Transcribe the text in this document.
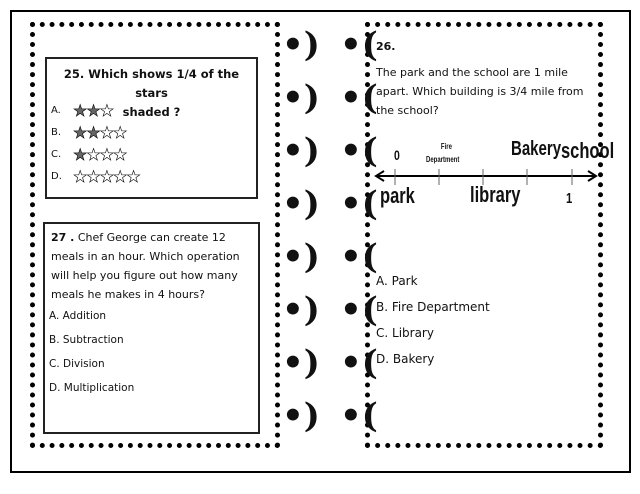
•)
•)
•)
•)
•)
•)
•)
•)
•(
•(
•(
•(
•(
•(
•(
•(
25. Which shows 1/4 of the stars
shaded ?
A. ★★★
B. ★★★★
C. ★★★★
D. ★★★★★
27 . Chef George can create 12 meals in an hour. Which operation will help you figure out how many meals he makes in 4 hours?
A. Addition
B. Subtraction
C. Division
D. Multiplication
26.
The park and the school are 1 mile apart. Which building is 3/4 mile from the school?
0
Fire
Department	Bakery school
park	library	1
A. Park
B. Fire Department
C. Library
D. Bakery
